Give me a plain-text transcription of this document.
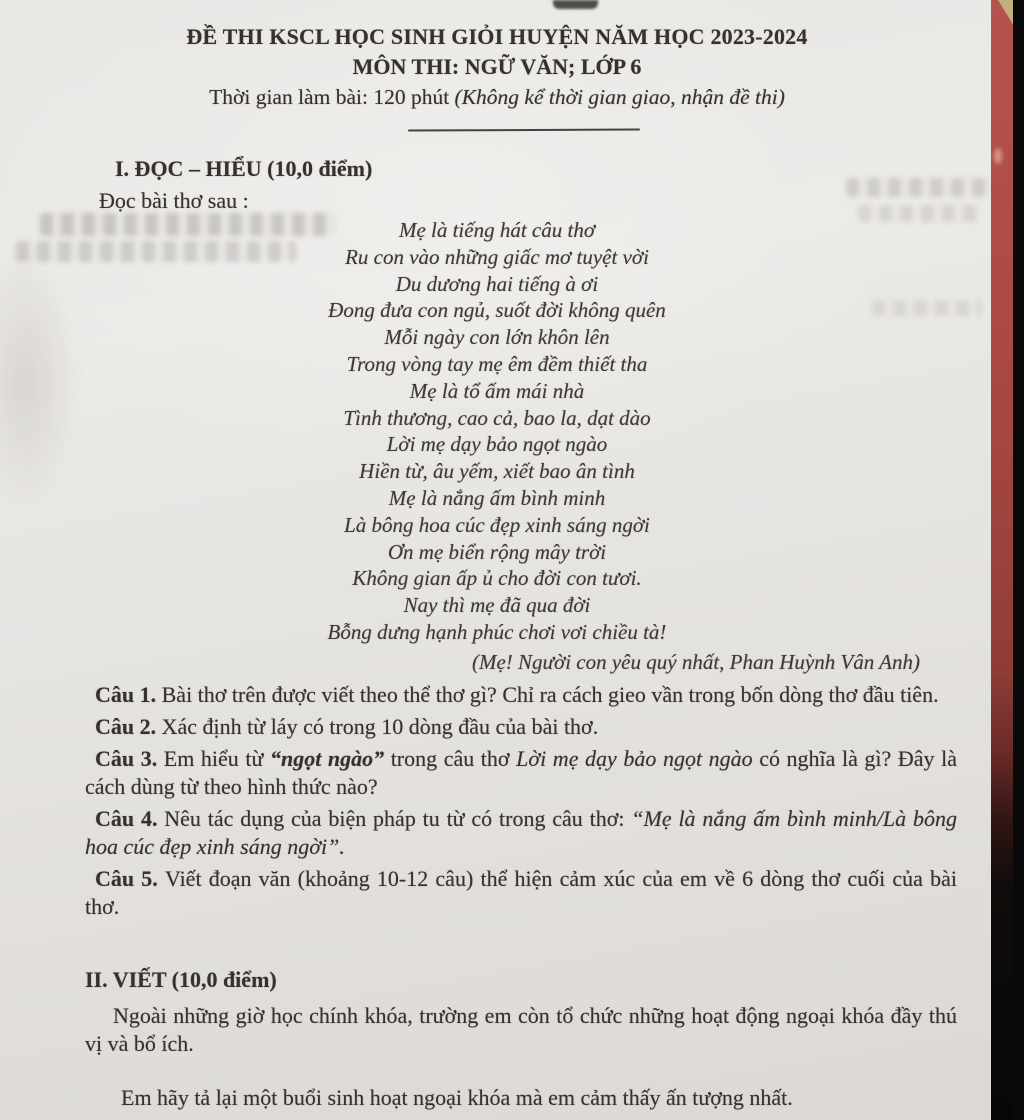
ĐỀ THI KSCL HỌC SINH GIỎI HUYỆN NĂM HỌC 2023-2024
MÔN THI: NGỮ VĂN; LỚP 6
Thời gian làm bài: 120 phút (Không kể thời gian giao, nhận đề thi)
I. ĐỌC – HIỂU (10,0 điểm)
Đọc bài thơ sau :
Mẹ là tiếng hát câu thơ
Ru con vào những giấc mơ tuyệt vời
Du dương hai tiếng à ơi
Đong đưa con ngủ, suốt đời không quên
Mỗi ngày con lớn khôn lên
Trong vòng tay mẹ êm đềm thiết tha
Mẹ là tổ ấm mái nhà
Tình thương, cao cả, bao la, dạt dào
Lời mẹ dạy bảo ngọt ngào
Hiền từ, âu yếm, xiết bao ân tình
Mẹ là nắng ấm bình minh
Là bông hoa cúc đẹp xinh sáng ngời
Ơn mẹ biển rộng mây trời
Không gian ấp ủ cho đời con tươi.
Nay thì mẹ đã qua đời
Bỗng dưng hạnh phúc chơi vơi chiều tà!
(Mẹ! Người con yêu quý nhất, Phan Huỳnh Vân Anh)

Câu 1. Bài thơ trên được viết theo thể thơ gì? Chỉ ra cách gieo vần trong bốn dòng thơ đầu tiên.

Câu 2. Xác định từ láy có trong 10 dòng đầu của bài thơ.

Câu 3. Em hiểu từ “ngọt ngào” trong câu thơ Lời mẹ dạy bảo ngọt ngào có nghĩa là gì? Đây là cách dùng từ theo hình thức nào?

Câu 4. Nêu tác dụng của biện pháp tu từ có trong câu thơ: “Mẹ là nắng ấm bình minh/Là bông hoa cúc đẹp xinh sáng ngời”.

Câu 5. Viết đoạn văn (khoảng 10-12 câu) thể hiện cảm xúc của em về 6 dòng thơ cuối của bài thơ.

II. VIẾT (10,0 điểm)

Ngoài những giờ học chính khóa, trường em còn tổ chức những hoạt động ngoại khóa đầy thú vị và bổ ích.

Em hãy tả lại một buổi sinh hoạt ngoại khóa mà em cảm thấy ấn tượng nhất.
